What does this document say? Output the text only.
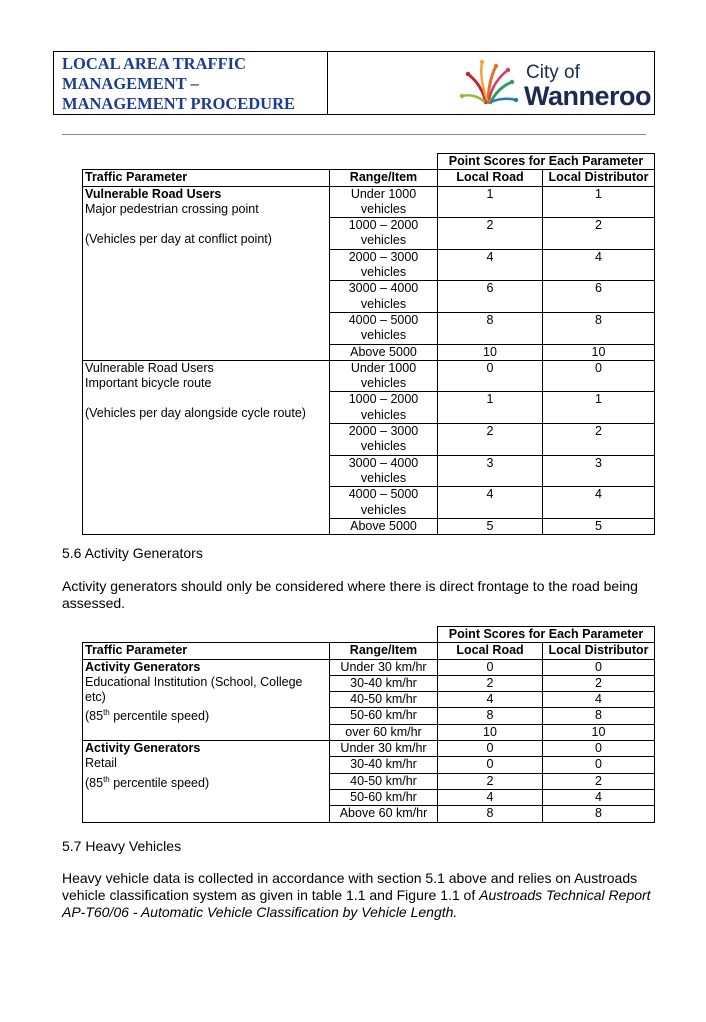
LOCAL AREA TRAFFIC
MANAGEMENT –
MANAGEMENT PROCEDURE
City of
Wanneroo
		Point Scores for Each Parameter	
Traffic Parameter	Range/Item	Local Road	Local Distributor

Vulnerable Road Users
Major pedestrian crossing point
(Vehicles per day at conflict point)	Under 1000 vehicles	1	1
	1000 – 2000 vehicles	2	2
	2000 – 3000 vehicles	4	4
	3000 – 4000 vehicles	6	6
	4000 – 5000 vehicles	8	8
	Above 5000	10	10

Vulnerable Road Users
Important bicycle route
(Vehicles per day alongside cycle route)	Under 1000 vehicles	0	0
	1000 – 2000 vehicles	1	1
	2000 – 3000 vehicles	2	2
	3000 – 4000 vehicles	3	3
	4000 – 5000 vehicles	4	4
	Above 5000	5	5
5.6 Activity Generators
Activity generators should only be considered where there is direct frontage to the road being assessed.
		Point Scores for Each Parameter	
Traffic Parameter	Range/Item	Local Road	Local Distributor

Activity Generators
Educational Institution (School, College etc)
(85th percentile speed)	Under 30 km/hr	0	0
	30-40 km/hr	2	2
	40-50 km/hr	4	4
	50-60 km/hr	8	8
	over 60 km/hr	10	10

Activity Generators
Retail
(85th percentile speed)	Under 30 km/hr	0	0
	30-40 km/hr	0	0
	40-50 km/hr	2	2
	50-60 km/hr	4	4
	Above 60 km/hr	8	8
5.7 Heavy Vehicles
Heavy vehicle data is collected in accordance with section 5.1 above and relies on Austroads vehicle classification system as given in table 1.1 and Figure 1.1 of Austroads Technical Report AP-T60/06 - Automatic Vehicle Classification by Vehicle Length.
